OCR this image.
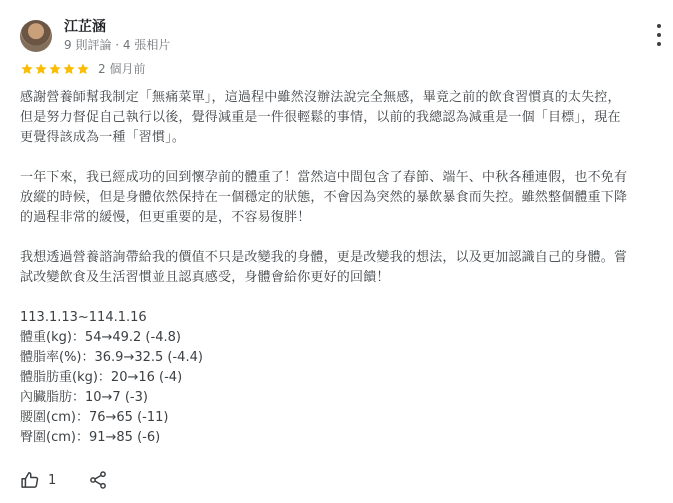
江芷涵
9 則評論 · 4 張相片
2 個月前

感謝營養師幫我制定「無痛菜單」，這過程中雖然沒辦法說完全無感，畢竟之前的飲食習慣真的太失控，
但是努力督促自己執行以後，覺得減重是一件很輕鬆的事情，以前的我總認為減重是一個「目標」，現在
更覺得該成為一種「習慣」。

一年下來，我已經成功的回到懷孕前的體重了！當然這中間包含了春節、端午、中秋各種連假，也不免有
放縱的時候，但是身體依然保持在一個穩定的狀態，不會因為突然的暴飲暴食而失控。雖然整個體重下降
的過程非常的緩慢，但更重要的是，不容易復胖！

我想透過營養諮詢帶給我的價值不只是改變我的身體，更是改變我的想法，以及更加認識自己的身體。嘗
試改變飲食及生活習慣並且認真感受，身體會給你更好的回饋！

113.1.13~114.1.16

體重(kg)：54→49.2 (-4.8)

體脂率(%)：36.9→32.5 (-4.4)

體脂肪重(kg)：20→16 (-4)

內臟脂肪：10→7 (-3)

腰圍(cm)：76→65 (-11)

臀圍(cm)：91→85 (-6)

1
